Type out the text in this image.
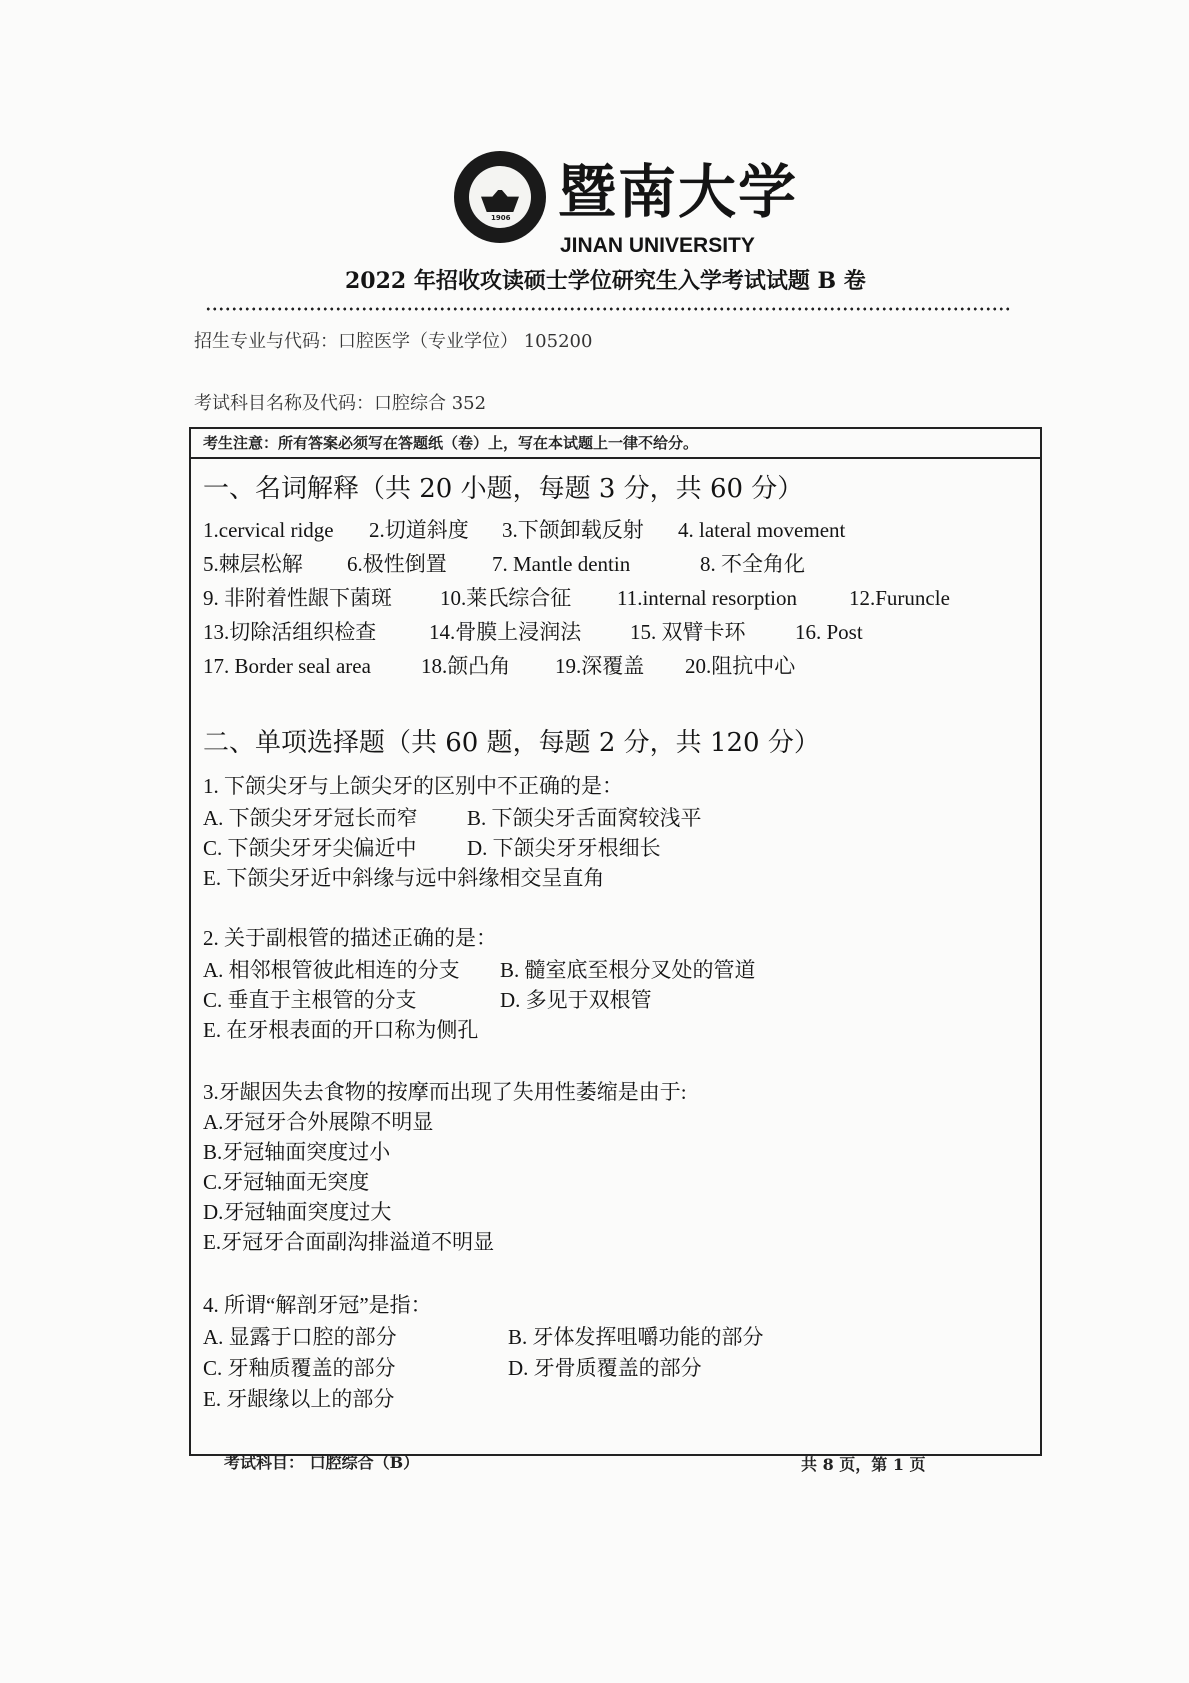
1906 暨南大学
JINAN UNIVERSITY
2022 年招收攻读硕士学位研究生入学考试试题 B 卷
招生专业与代码：口腔医学（专业学位） 105200
考试科目名称及代码：口腔综合 352
考生注意：所有答案必须写在答题纸（卷）上，写在本试题上一律不给分。
一、名词解释（共 20 小题，每题 3 分，共 60 分）
1.cervical ridge 2.切道斜度 3.下颌卸载反射 4. lateral movement
5.棘层松解 6.极性倒置 7. Mantle dentin	8. 不全角化
9. 非附着性龈下菌斑 10.莱氏综合征 11.internal resorption 12.Furuncle
13.切除活组织检查	14.骨膜上浸润法 15. 双臂卡环 16. Post
17. Border seal area 18.颌凸角 19.深覆盖 20.阻抗中心
二、单项选择题（共 60 题，每题 2 分，共 120 分）
1. 下颌尖牙与上颌尖牙的区别中不正确的是：
A. 下颌尖牙牙冠长而窄 B. 下颌尖牙舌面窝较浅平
C. 下颌尖牙牙尖偏近中 D. 下颌尖牙牙根细长
E. 下颌尖牙近中斜缘与远中斜缘相交呈直角
2. 关于副根管的描述正确的是：
A. 相邻根管彼此相连的分支 B. 髓室底至根分叉处的管道
C. 垂直于主根管的分支	D. 多见于双根管
E. 在牙根表面的开口称为侧孔
3.牙龈因失去食物的按摩而出现了失用性萎缩是由于:
A.牙冠牙合外展隙不明显
B.牙冠轴面突度过小
C.牙冠轴面无突度
D.牙冠轴面突度过大
E.牙冠牙合面副沟排溢道不明显
4. 所谓“解剖牙冠”是指：
A. 显露于口腔的部分	B. 牙体发挥咀嚼功能的部分
C. 牙釉质覆盖的部分	D. 牙骨质覆盖的部分
E. 牙龈缘以上的部分
考试科目： 口腔综合（B）	共 8 页，第 1 页
